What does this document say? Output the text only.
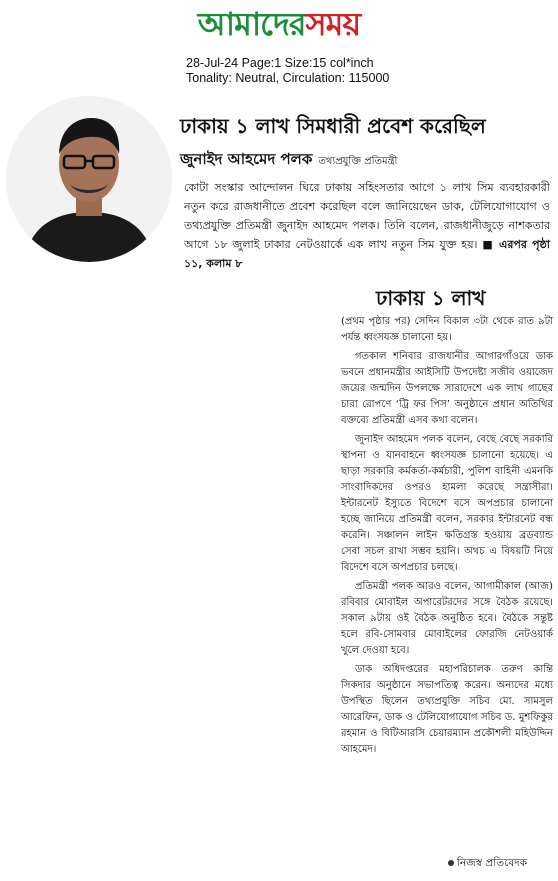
আমাদেরসময়
28-Jul-24 Page:1 Size:15 col*inch
Tonality: Neutral, Circulation: 115000
ঢাকায় ১ লাখ সিমধারী প্রবেশ করেছিল
জুনাইদ আহমেদ পলক তথ্যপ্রযুক্তি প্রতিমন্ত্রী
কোটা সংস্কার আন্দোলন ঘিরে ঢাকায় সহিংসতার আগে ১ লাখ সিম ব্যবহারকারী নতুন করে রাজধানীতে প্রবেশ করেছিল বলে জানিয়েছেন ডাক, টেলিযোগাযোগ ও তথ্যপ্রযুক্তি প্রতিমন্ত্রী জুনাইদ আহমেদ পলক। তিনি বলেন, রাজধানীজুড়ে নাশকতার আগে ১৮ জুলাই ঢাকার নেটওয়ার্কে এক লাখ নতুন সিম যুক্ত হয়। ■ এরপর পৃষ্ঠা ১১, কলাম ৮
ঢাকায় ১ লাখ

(প্রথম পৃষ্ঠার পর) সেদিন বিকাল ৩টা থেকে রাত ৯টা পর্যন্ত ধ্বংসযজ্ঞ চালানো হয়।

গতকাল শনিবার রাজধানীর আগারগাঁওয়ে ডাক ভবনে প্রধানমন্ত্রীর আইসিটি উপদেষ্টা সজীব ওয়াজেদ জয়ের জন্মদিন উপলক্ষে সারাদেশে এক লাখ গাছের চারা রোপণে ‘ট্রি ফর পিস’ অনুষ্ঠানে প্রধান অতিথির বক্তব্যে প্রতিমন্ত্রী এসব কথা বলেন।

জুনাইদ আহমেদ পলক বলেন, বেছে বেছে সরকারি স্থাপনা ও যানবাহনে ধ্বংসযজ্ঞ চালানো হয়েছে। এ ছাড়া সরকারি কর্মকর্তা-কর্মচারী, পুলিশ বাহিনী এমনকি সাংবাদিকদের ওপরও হামলা করেছে সন্ত্রাসীরা। ইন্টারনেট ইস্যুতে বিদেশে বসে অপপ্রচার চালানো হচ্ছে জানিয়ে প্রতিমন্ত্রী বলেন, সরকার ইন্টারনেট বন্ধ করেনি। সঞ্চালন লাইন ক্ষতিগ্রস্ত হওয়ায় ব্রডব্যান্ড সেবা সচল রাখা সম্ভব হয়নি। অথচ এ বিষয়টি নিয়ে বিদেশে বসে অপপ্রচার চলছে।

প্রতিমন্ত্রী পলক আরও বলেন, আগামীকাল (আজ) রবিবার মোবাইল অপারেটরদের সঙ্গে বৈঠক রয়েছে। সকাল ৯টায় ওই বৈঠক অনুষ্ঠিত হবে। বৈঠকে সন্তুষ্ট হলে রবি-সোমবার মোবাইলের ফোরজি নেটওয়ার্ক খুলে দেওয়া হবে।

ডাক অধিদপ্তরের মহাপরিচালক তরুণ কান্তি সিকদার অনুষ্ঠানে সভাপতিত্ব করেন। অন্যদের মধ্যে উপস্থিত ছিলেন তথ্যপ্রযুক্তি সচিব মো. সামসুল আরেফিন, ডাক ও টেলিযোগাযোগ সচিব ড. মুশফিকুর রহমান ও বিটিআরসি চেয়ারম্যান প্রকৌশলী মহিউদ্দিন আহমেদ।

নিজস্ব প্রতিবেদক
